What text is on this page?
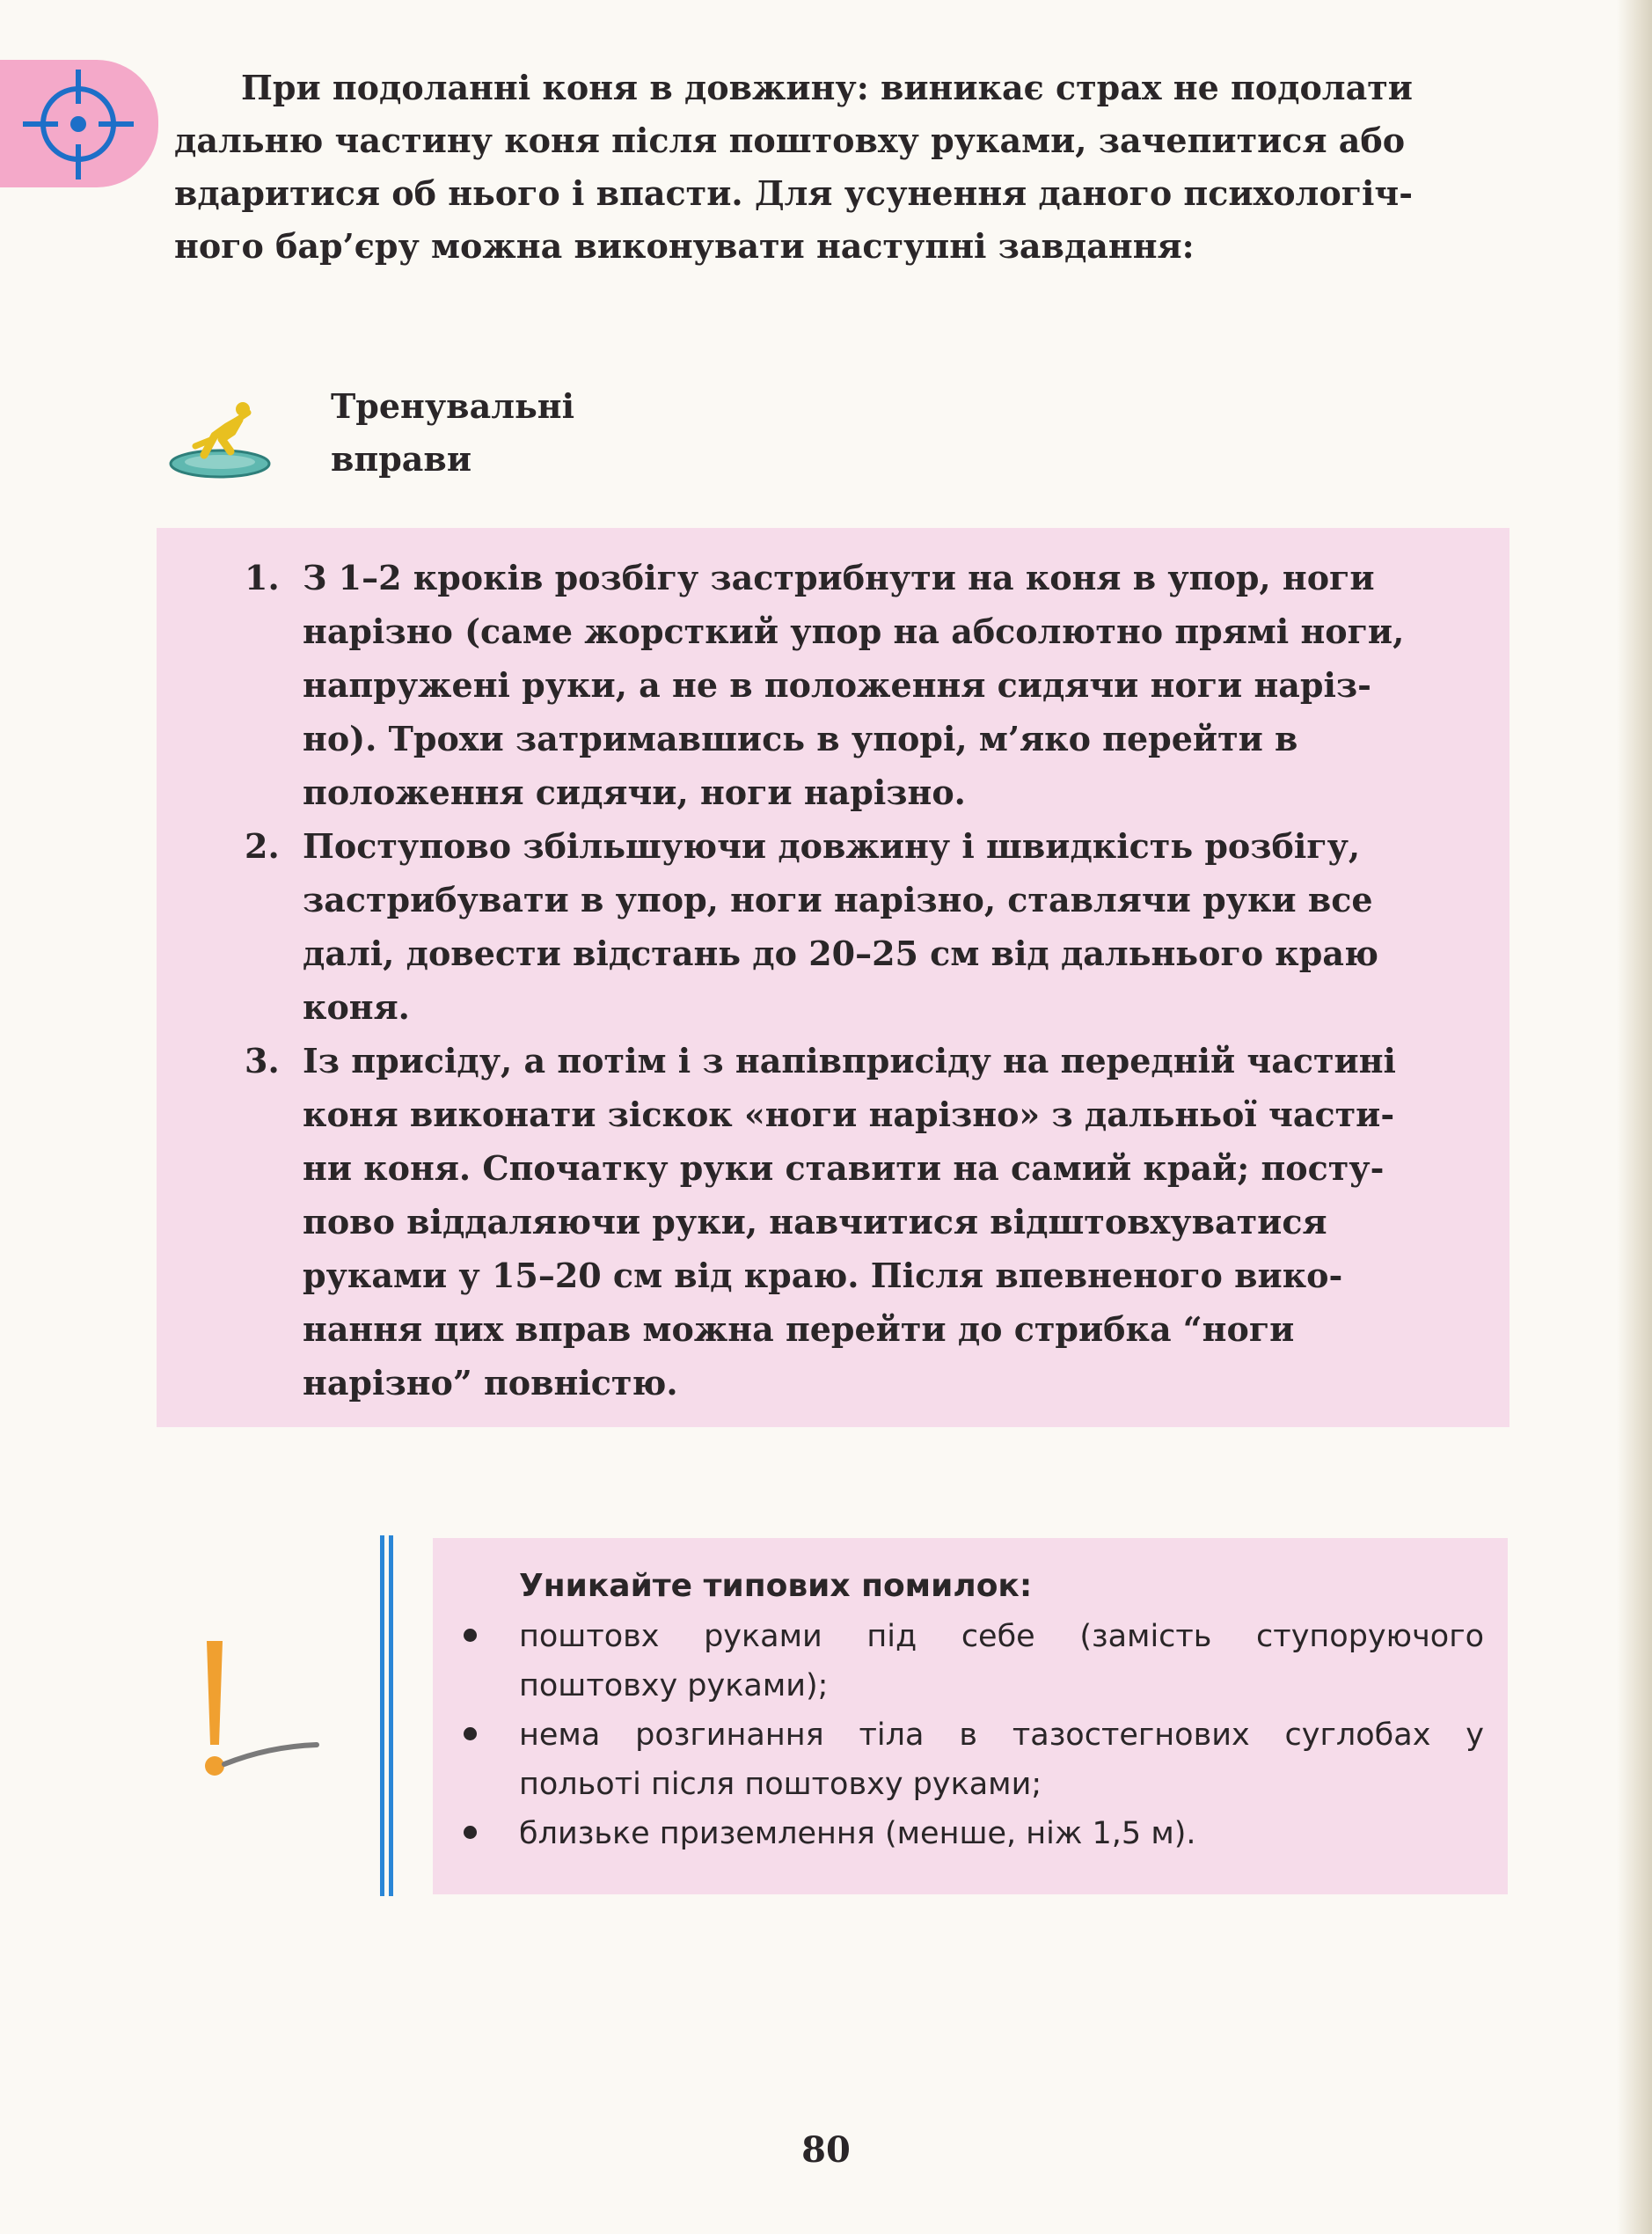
При подоланні коня в довжину: виникає страх не подолати
дальню частину коня після поштовху руками, зачепитися або
вдаритися об нього і впасти. Для усунення даного психологіч-
ного бар’єру можна виконувати наступні завдання:

Тренувальні
вправи
1. З 1–2 кроків розбігу застрибнути на коня в упор, ноги
нарізно (саме жорсткий упор на абсолютно прямі ноги,
напружені руки, а не в положення сидячи ноги наріз-
но). Трохи затримавшись в упорі, м’яко перейти в
положення сидячи, ноги нарізно.
2. Поступово збільшуючи довжину і швидкість розбігу,
застрибувати в упор, ноги нарізно, ставлячи руки все
далі, довести відстань до 20–25 см від дальнього краю
коня.
3. Із присіду, а потім і з напівприсіду на передній частині
коня виконати зіскок «ноги нарізно» з дальньої части-
ни коня. Спочатку руки ставити на самий край; посту-
пово віддаляючи руки, навчитися відштовхуватися
руками у 15–20 см від краю. Після впевненого вико-
нання цих вправ можна перейти до стрибка “ноги
нарізно” повністю.
Уникайте типових помилок:
поштовх руками під себе (замість ступоруючого
поштовху руками);
нема розгинання тіла в тазостегнових суглобах у
польоті після поштовху руками;
близьке приземлення (менше, ніж 1,5 м).
80
